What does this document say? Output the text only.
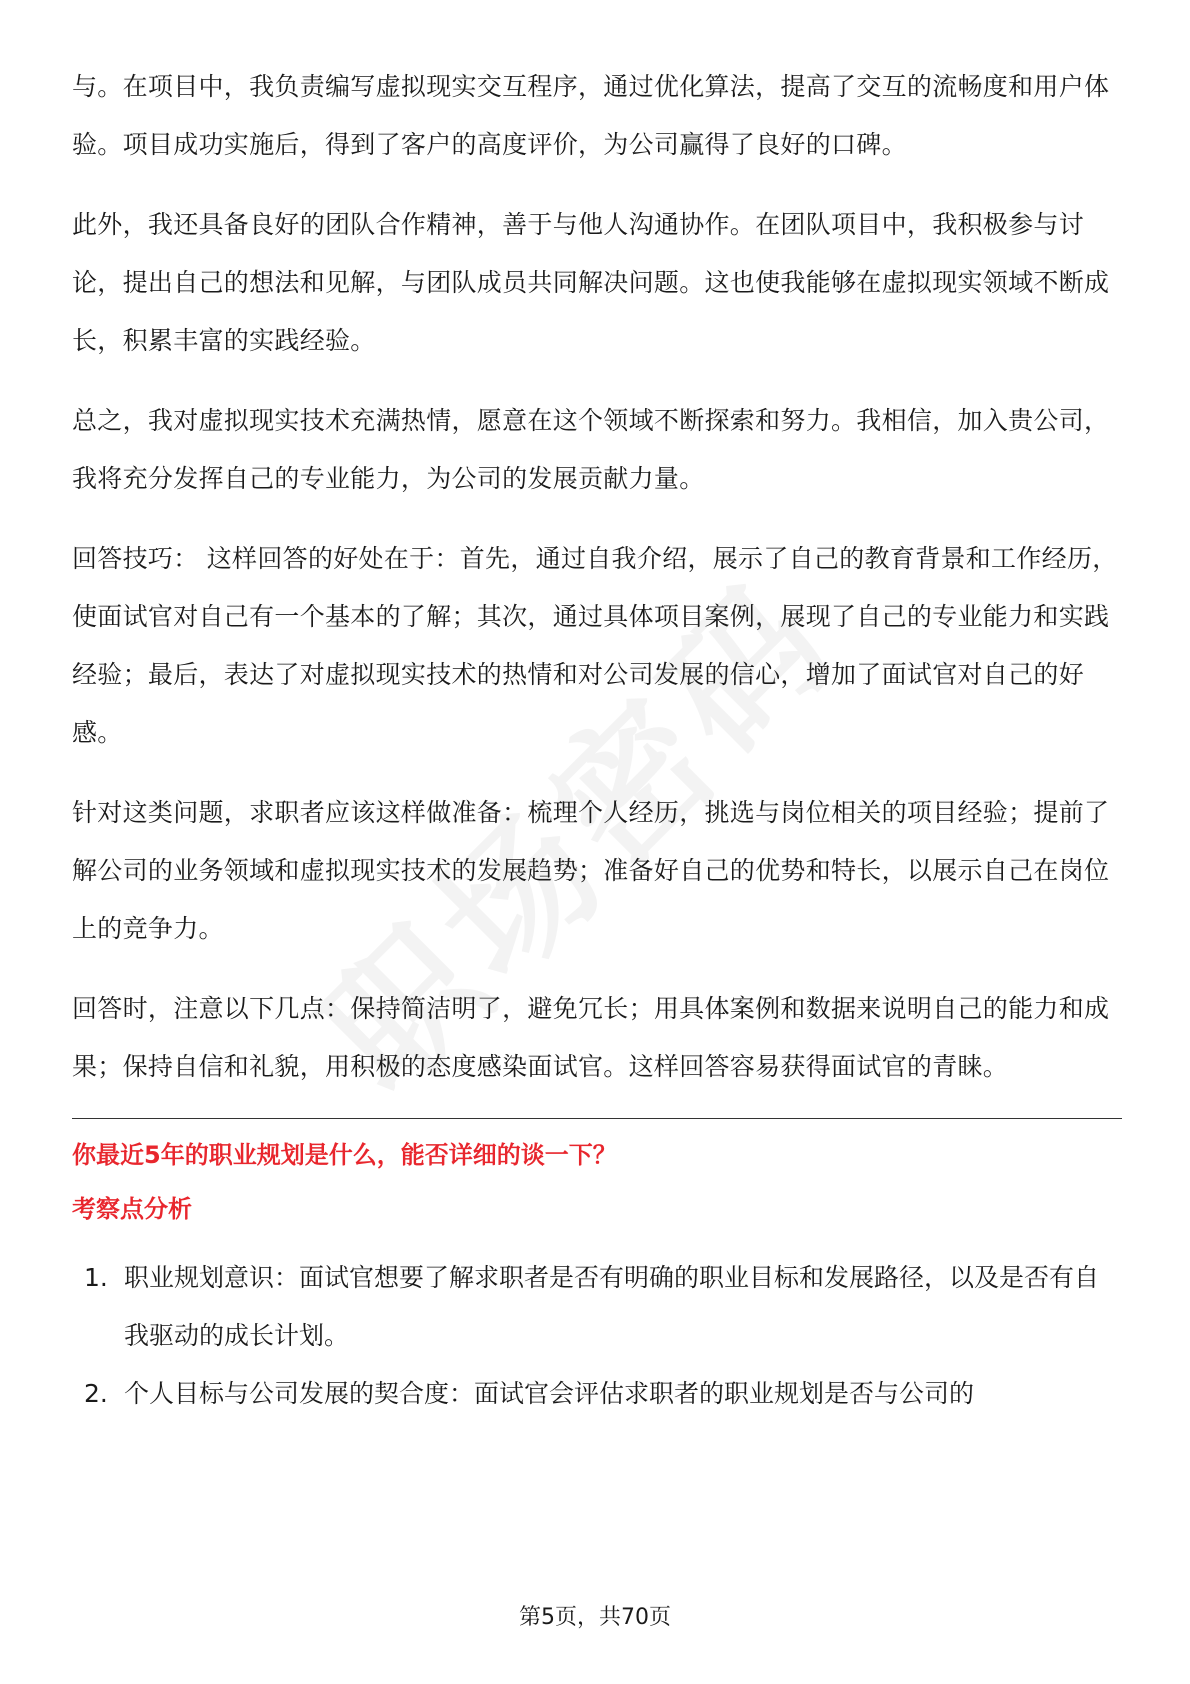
与。在项目中，我负责编写虚拟现实交互程序，通过优化算法，提高了交互的流畅度和用户体验。项目成功实施后，得到了客户的高度评价，为公司赢得了良好的口碑。

此外，我还具备良好的团队合作精神，善于与他人沟通协作。在团队项目中，我积极参与讨论，提出自己的想法和见解，与团队成员共同解决问题。这也使我能够在虚拟现实领域不断成长，积累丰富的实践经验。

总之，我对虚拟现实技术充满热情，愿意在这个领域不断探索和努力。我相信，加入贵公司，我将充分发挥自己的专业能力，为公司的发展贡献力量。

回答技巧： 这样回答的好处在于：首先，通过自我介绍，展示了自己的教育背景和工作经历，使面试官对自己有一个基本的了解；其次，通过具体项目案例，展现了自己的专业能力和实践经验；最后，表达了对虚拟现实技术的热情和对公司发展的信心，增加了面试官对自己的好感。

针对这类问题，求职者应该这样做准备：梳理个人经历，挑选与岗位相关的项目经验；提前了解公司的业务领域和虚拟现实技术的发展趋势；准备好自己的优势和特长，以展示自己在岗位上的竞争力。

回答时，注意以下几点：保持简洁明了，避免冗长；用具体案例和数据来说明自己的能力和成果；保持自信和礼貌，用积极的态度感染面试官。这样回答容易获得面试官的青睐。

你最近5年的职业规划是什么，能否详细的谈一下？
考察点分析
1. 职业规划意识：面试官想要了解求职者是否有明确的职业目标和发展路径，以及是否有自我驱动的成长计划。
2. 个人目标与公司发展的契合度：面试官会评估求职者的职业规划是否与公司的
第5页，共70页
